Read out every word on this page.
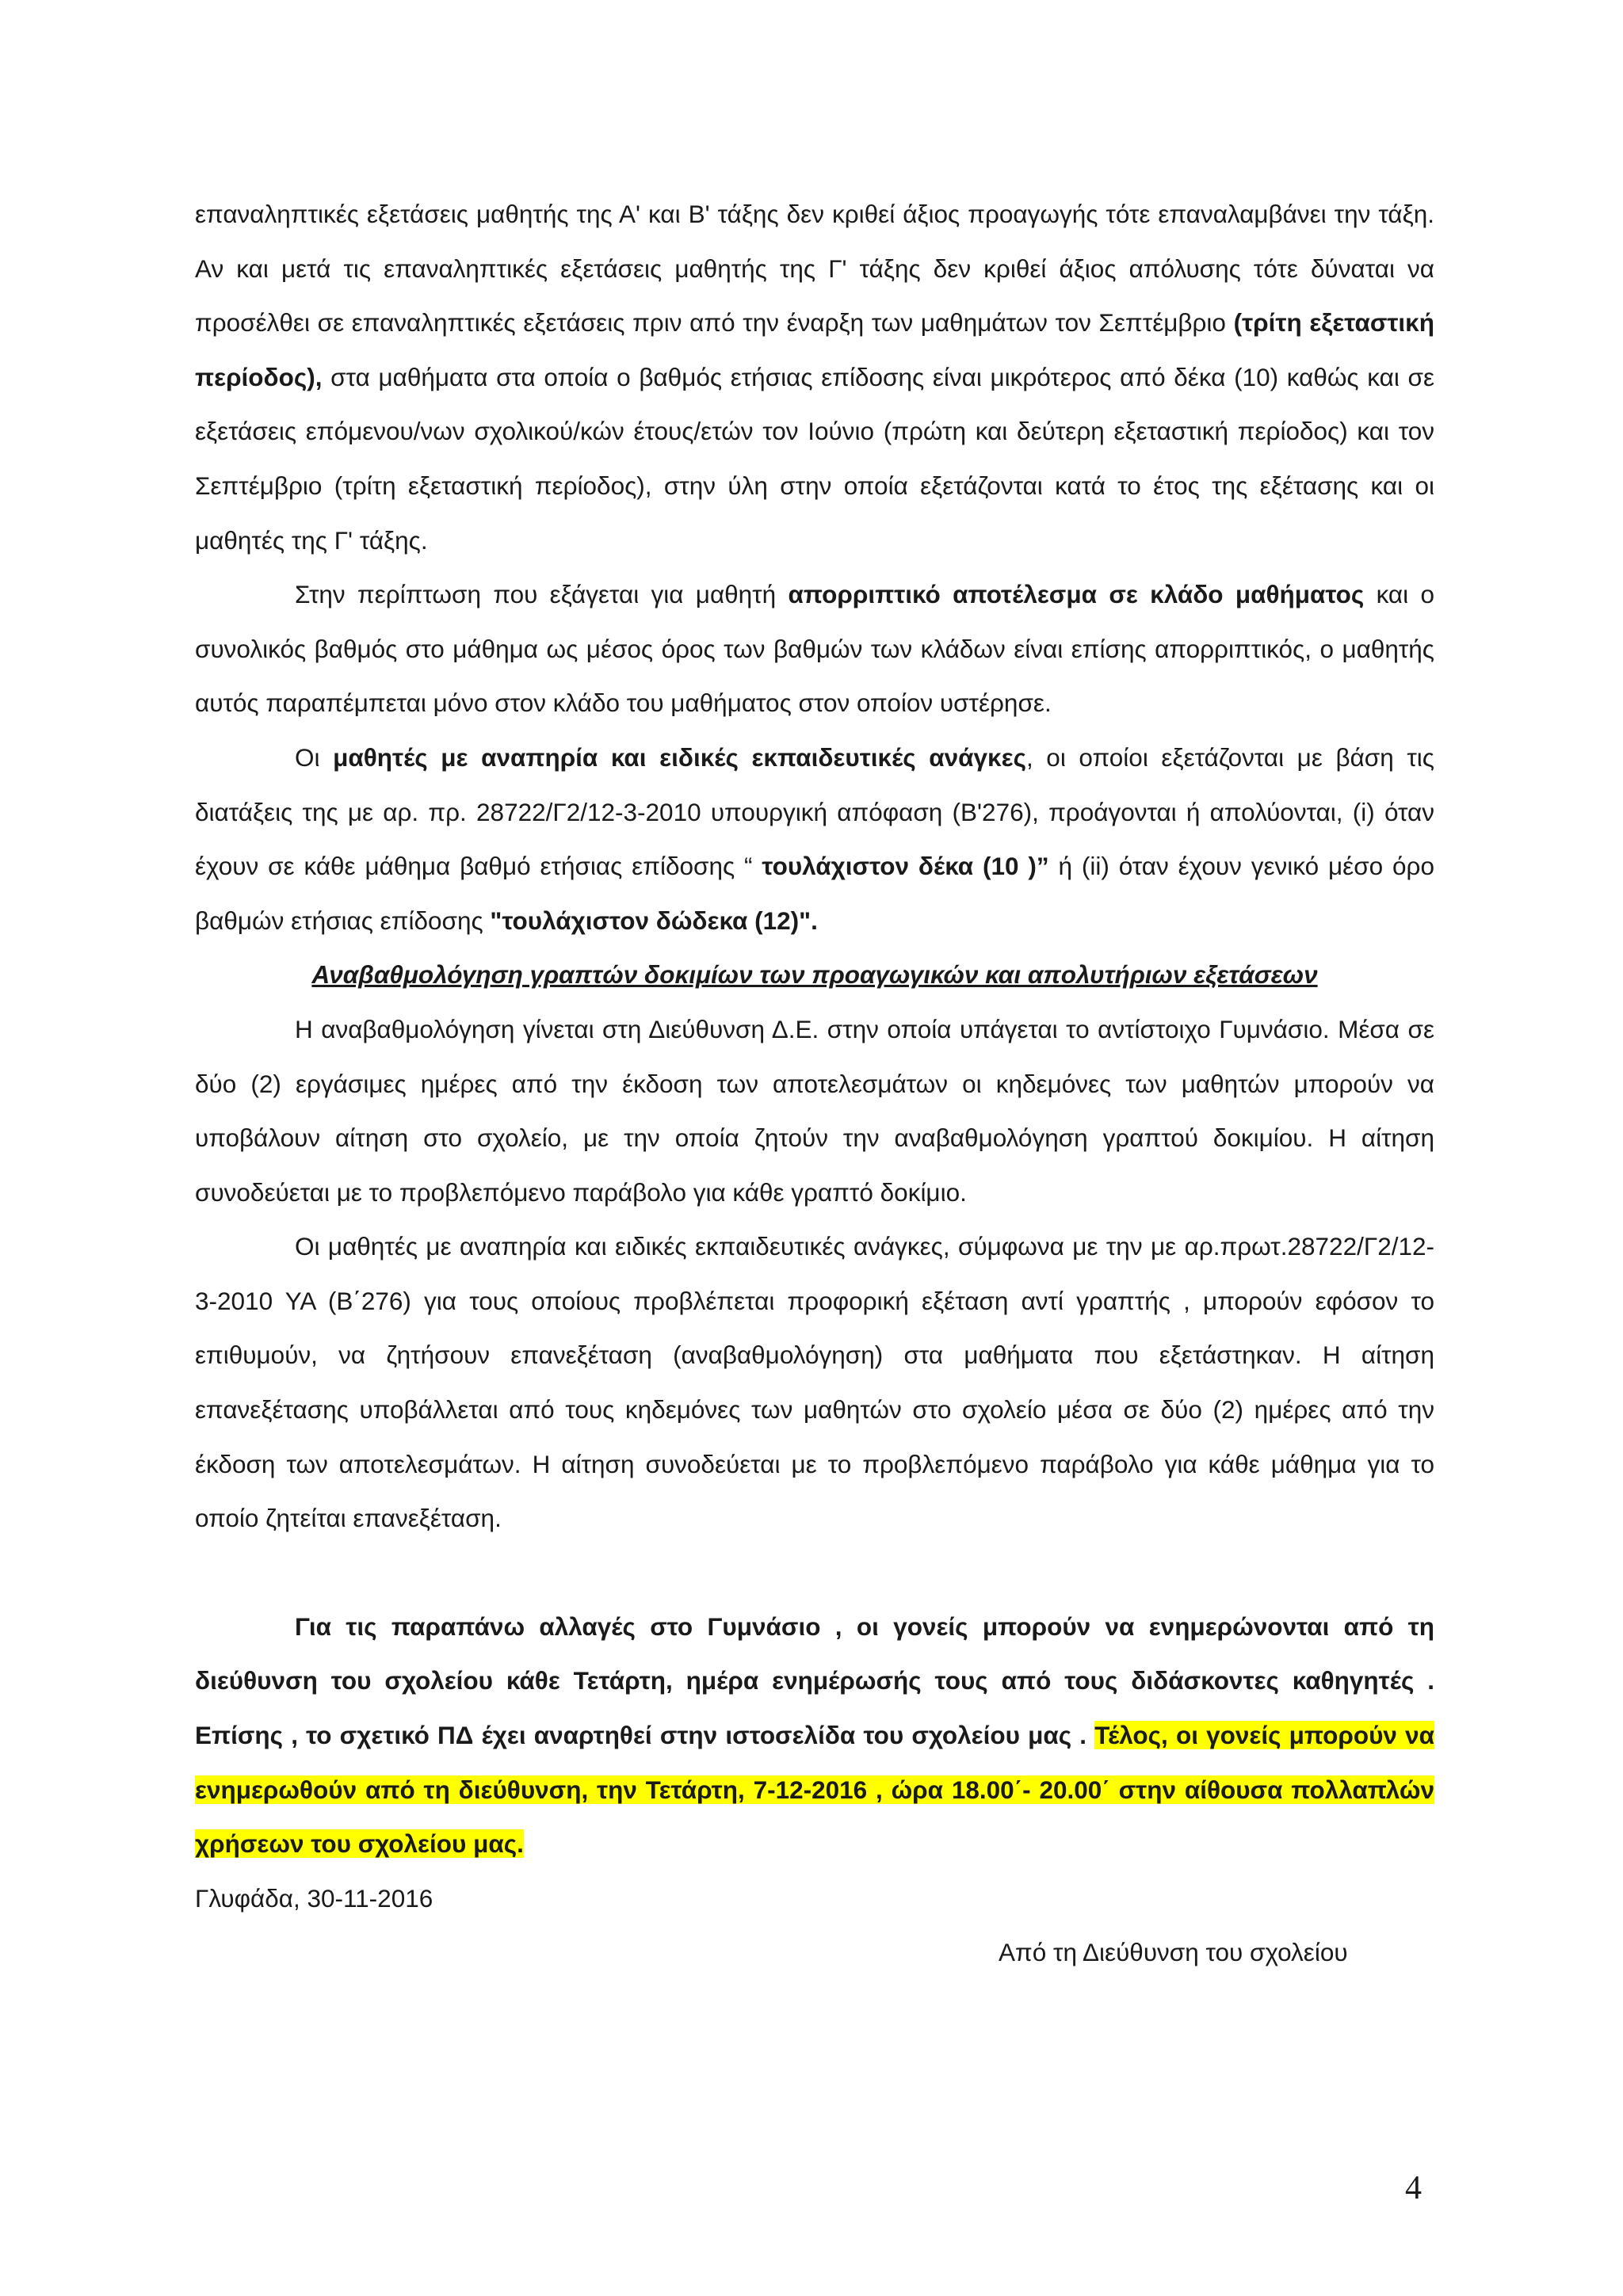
επαναληπτικές εξετάσεις μαθητής της Α' και Β' τάξης δεν κριθεί άξιος προαγωγής τότε επαναλαμβάνει την τάξη. Αν και μετά τις επαναληπτικές εξετάσεις μαθητής της Γ' τάξης δεν κριθεί άξιος απόλυσης τότε δύναται να προσέλθει σε επαναληπτικές εξετάσεις πριν από την έναρξη των μαθημάτων τον Σεπτέμβριο (τρίτη εξεταστική περίοδος), στα μαθήματα στα οποία ο βαθμός ετήσιας επίδοσης είναι μικρότερος από δέκα (10) καθώς και σε εξετάσεις επόμενου/νων σχολικού/κών έτους/ετών τον Ιούνιο (πρώτη και δεύτερη εξεταστική περίοδος) και τον Σεπτέμβριο (τρίτη εξεταστική περίοδος), στην ύλη στην οποία εξετάζονται κατά το έτος της εξέτασης και οι μαθητές της Γ' τάξης.

Στην περίπτωση που εξάγεται για μαθητή απορριπτικό αποτέλεσμα σε κλάδο μαθήματος και ο συνολικός βαθμός στο μάθημα ως μέσος όρος των βαθμών των κλάδων είναι επίσης απορριπτικός, ο μαθητής αυτός παραπέμπεται μόνο στον κλάδο του μαθήματος στον οποίον υστέρησε.

Οι μαθητές με αναπηρία και ειδικές εκπαιδευτικές ανάγκες, οι οποίοι εξετάζονται με βάση τις διατάξεις της με αρ. πρ. 28722/Γ2/12-3-2010 υπουργική απόφαση (Β'276), προάγονται ή απολύονται, (i) όταν έχουν σε κάθε μάθημα βαθμό ετήσιας επίδοσης “ τουλάχιστον δέκα (10 )” ή (ii) όταν έχουν γενικό μέσο όρο βαθμών ετήσιας επίδοσης "τουλάχιστον δώδεκα (12)".

Αναβαθμολόγηση γραπτών δοκιμίων των προαγωγικών και απολυτήριων εξετάσεων

Η αναβαθμολόγηση γίνεται στη Διεύθυνση Δ.Ε. στην οποία υπάγεται το αντίστοιχο Γυμνάσιο. Μέσα σε δύο (2) εργάσιμες ημέρες από την έκδοση των αποτελεσμάτων οι κηδεμόνες των μαθητών μπορούν να υποβάλουν αίτηση στο σχολείο, με την οποία ζητούν την αναβαθμολόγηση γραπτού δοκιμίου. Η αίτηση συνοδεύεται με το προβλεπόμενο παράβολο για κάθε γραπτό δοκίμιο.

Οι μαθητές με αναπηρία και ειδικές εκπαιδευτικές ανάγκες, σύμφωνα με την με αρ.πρωτ.28722/Γ2/12-3-2010 ΥΑ (Β΄276) για τους οποίους προβλέπεται προφορική εξέταση αντί γραπτής , μπορούν εφόσον το επιθυμούν, να ζητήσουν επανεξέταση (αναβαθμολόγηση) στα μαθήματα που εξετάστηκαν. Η αίτηση επανεξέτασης υποβάλλεται από τους κηδεμόνες των μαθητών στο σχολείο μέσα σε δύο (2) ημέρες από την έκδοση των αποτελεσμάτων. Η αίτηση συνοδεύεται με το προβλεπόμενο παράβολο για κάθε μάθημα για το οποίο ζητείται επανεξέταση.

Για τις παραπάνω αλλαγές στο Γυμνάσιο , οι γονείς μπορούν να ενημερώνονται από τη διεύθυνση του σχολείου κάθε Τετάρτη, ημέρα ενημέρωσής τους από τους διδάσκοντες καθηγητές . Επίσης , το σχετικό ΠΔ έχει αναρτηθεί στην ιστοσελίδα του σχολείου μας . Τέλος, οι γονείς μπορούν να ενημερωθούν από τη διεύθυνση, την Τετάρτη, 7-12-2016 , ώρα 18.00΄- 20.00΄ στην αίθουσα πολλαπλών χρήσεων του σχολείου μας.

Γλυφάδα, 30-11-2016

Από τη Διεύθυνση του σχολείου

4
